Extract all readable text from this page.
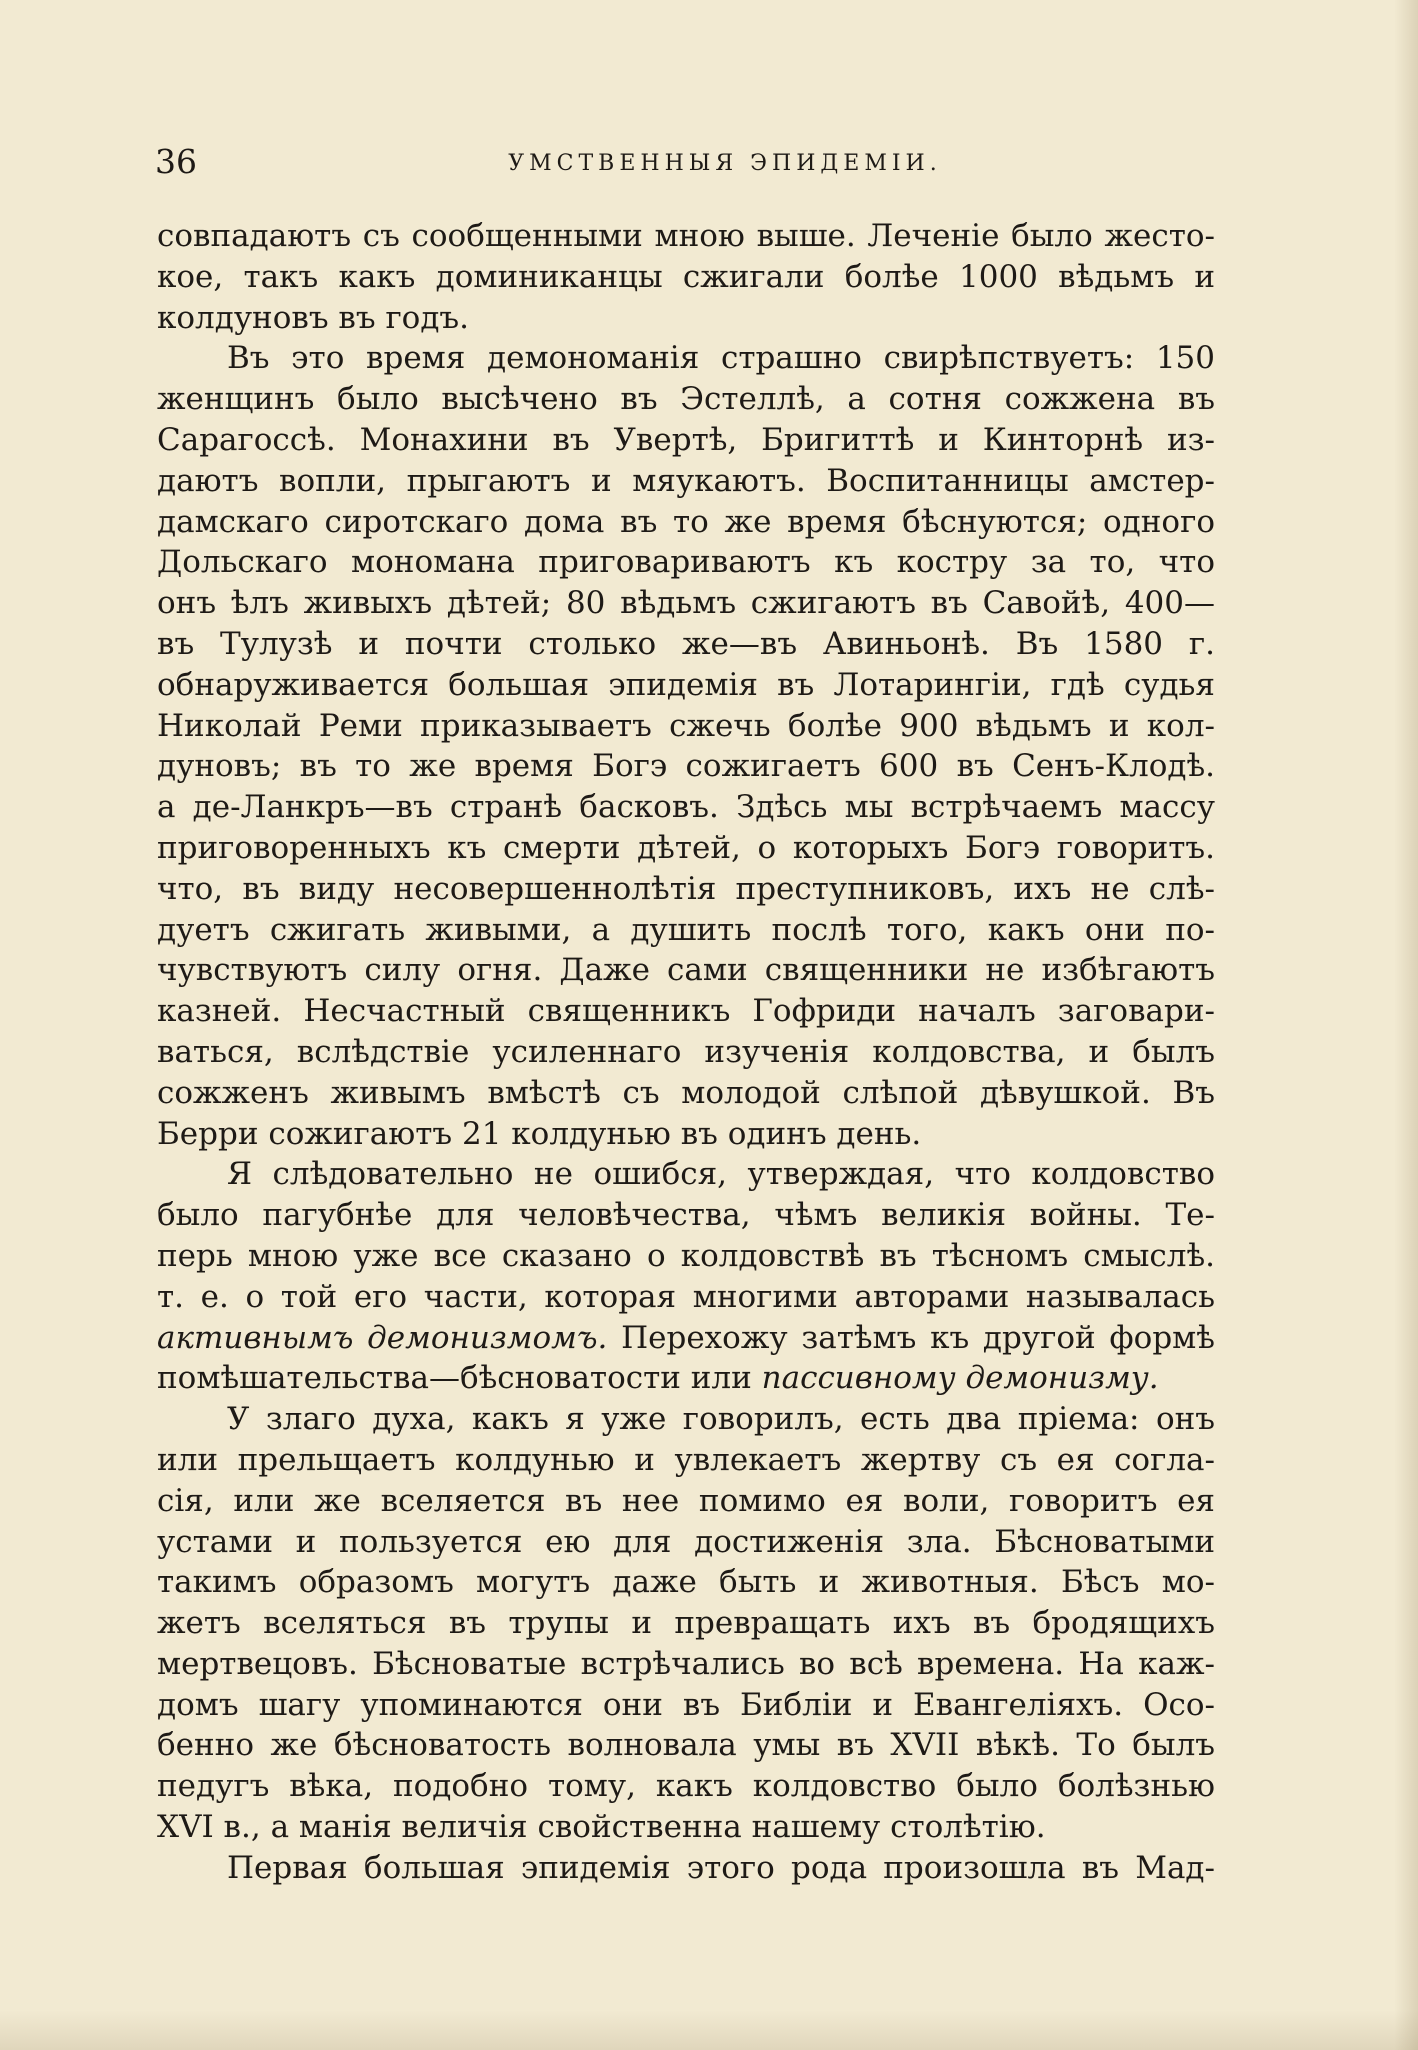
36	УМСТВЕННЫЯ ЭПИДЕМІИ.
совпадаютъ съ сообщенными мною выше. Леченіе было жесто-
кое, такъ какъ доминиканцы сжигали болѣе 1000 вѣдьмъ и
колдуновъ въ годъ.
Въ это время демономанія страшно свирѣпствуетъ: 150
женщинъ было высѣчено въ Эстеллѣ, а сотня сожжена въ
Сарагоссѣ. Монахини въ Увертѣ, Бригиттѣ и Кинторнѣ из-
даютъ вопли, прыгаютъ и мяукаютъ. Воспитанницы амстер-
дамскаго сиротскаго дома въ то же время бѣснуются; одного
Дольскаго мономана приговариваютъ къ костру за то, что
онъ ѣлъ живыхъ дѣтей; 80 вѣдьмъ сжигаютъ въ Савойѣ, 400—
въ Тулузѣ и почти столько же—въ Авиньонѣ. Въ 1580 г.
обнаруживается большая эпидемія въ Лотарингіи, гдѣ судья
Николай Реми приказываетъ сжечь болѣе 900 вѣдьмъ и кол-
дуновъ; въ то же время Богэ сожигаетъ 600 въ Сенъ-Клодѣ.
а де-Ланкръ—въ странѣ басковъ. Здѣсь мы встрѣчаемъ массу
приговоренныхъ къ смерти дѣтей, о которыхъ Богэ говоритъ.
что, въ виду несовершеннолѣтія преступниковъ, ихъ не слѣ-
дуетъ сжигать живыми, а душить послѣ того, какъ они по-
чувствуютъ силу огня. Даже сами священники не избѣгаютъ
казней. Несчастный священникъ Гофриди началъ заговари-
ваться, вслѣдствіе усиленнаго изученія колдовства, и былъ
сожженъ живымъ вмѣстѣ съ молодой слѣпой дѣвушкой. Въ
Берри сожигаютъ 21 колдунью въ одинъ день.
Я слѣдовательно не ошибся, утверждая, что колдовство
было пагубнѣе для человѣчества, чѣмъ великія войны. Те-
перь мною уже все сказано о колдовствѣ въ тѣсномъ смыслѣ.
т. е. о той его части, которая многими авторами называлась
активнымъ демонизмомъ. Перехожу затѣмъ къ другой формѣ
помѣшательства—бѣсноватости или пассивному демонизму.
У злаго духа, какъ я уже говорилъ, есть два пріема: онъ
или прельщаетъ колдунью и увлекаетъ жертву съ ея согла-
сія, или же вселяется въ нее помимо ея воли, говоритъ ея
устами и пользуется ею для достиженія зла. Бѣсноватыми
такимъ образомъ могутъ даже быть и животныя. Бѣсъ мо-
жетъ вселяться въ трупы и превращать ихъ въ бродящихъ
мертвецовъ. Бѣсноватые встрѣчались во всѣ времена. На каж-
домъ шагу упоминаются они въ Библіи и Евангеліяхъ. Осо-
бенно же бѣсноватость волновала умы въ XVII вѣкѣ. То былъ
педугъ вѣка, подобно тому, какъ колдовство было болѣзнью
XVI в., а манія величія свойственна нашему столѣтію.
Первая большая эпидемія этого рода произошла въ Мад-
